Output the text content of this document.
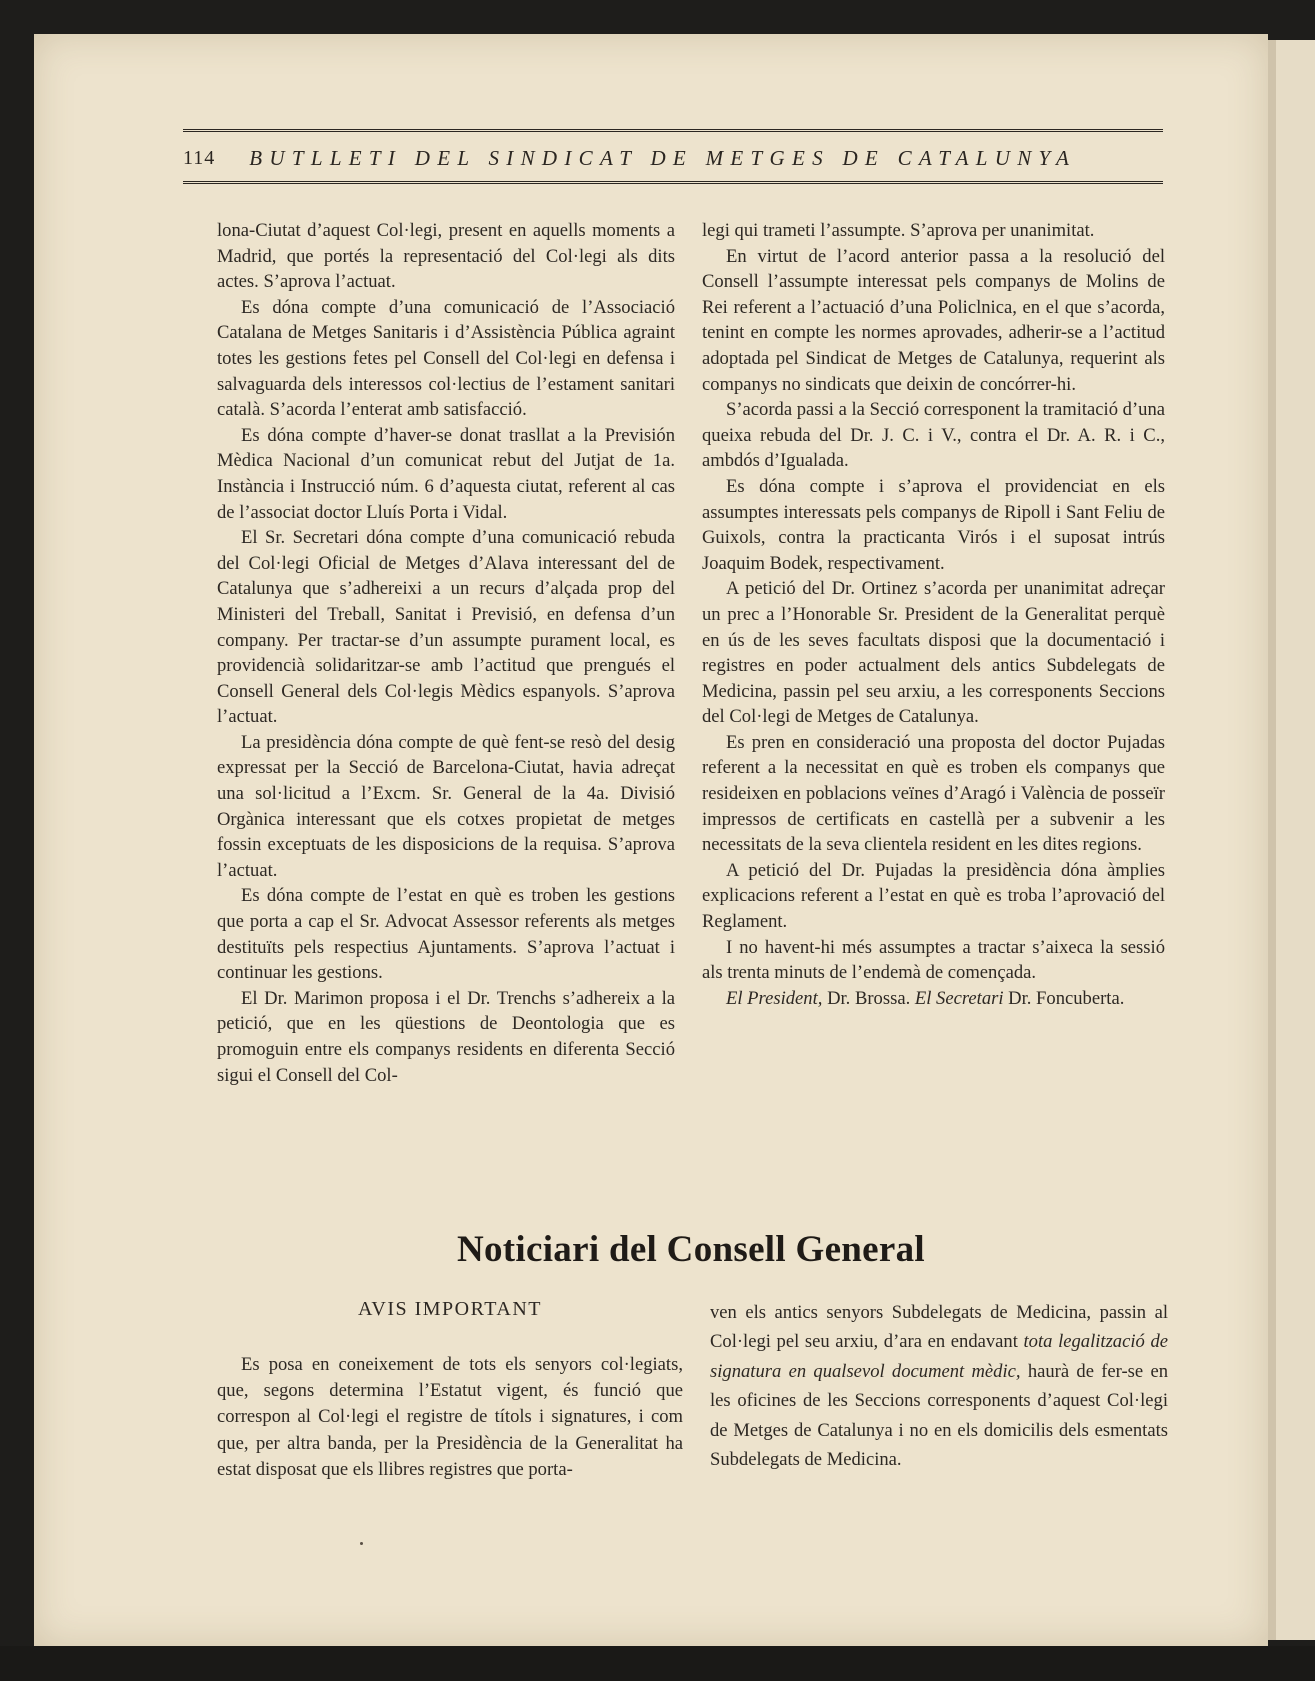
114 BUTLLETI DEL SINDICAT DE METGES DE CATALUNYA

lona-Ciutat d’aquest Col·legi, present en aquells moments a Madrid, que portés la representació del Col·legi als dits actes. S’aprova l’actuat.

Es dóna compte d’una comunicació de l’Associació Catalana de Metges Sanitaris i d’Assistència Pública agraint totes les gestions fetes pel Consell del Col·legi en defensa i salvaguarda dels interessos col·lectius de l’estament sanitari català. S’acorda l’enterat amb satisfacció.

Es dóna compte d’haver-se donat trasllat a la Previsión Mèdica Nacional d’un comunicat rebut del Jutjat de 1a. Instància i Instrucció núm. 6 d’aquesta ciutat, referent al cas de l’associat doctor Lluís Porta i Vidal.

El Sr. Secretari dóna compte d’una comunicació rebuda del Col·legi Oficial de Metges d’Alava interessant del de Catalunya que s’adhereixi a un recurs d’alçada prop del Ministeri del Treball, Sanitat i Previsió, en defensa d’un company. Per tractar-se d’un assumpte purament local, es providencià solidaritzar-se amb l’actitud que prengués el Consell General dels Col·legis Mèdics espanyols. S’aprova l’actuat.

La presidència dóna compte de què fent-se resò del desig expressat per la Secció de Barcelona-Ciutat, havia adreçat una sol·licitud a l’Excm. Sr. General de la 4a. Divisió Orgànica interessant que els cotxes propietat de metges fossin exceptuats de les disposicions de la requisa. S’aprova l’actuat.

Es dóna compte de l’estat en què es troben les gestions que porta a cap el Sr. Advocat Assessor referents als metges destituïts pels respectius Ajuntaments. S’aprova l’actuat i continuar les gestions.

El Dr. Marimon proposa i el Dr. Trenchs s’adhereix a la petició, que en les qüestions de Deontologia que es promoguin entre els companys residents en diferenta Secció sigui el Consell del Col-

legi qui trameti l’assumpte. S’aprova per unanimitat.

En virtut de l’acord anterior passa a la resolució del Consell l’assumpte interessat pels companys de Molins de Rei referent a l’actuació d’una Policlnica, en el que s’acorda, tenint en compte les normes aprovades, adherir-se a l’actitud adoptada pel Sindicat de Metges de Catalunya, requerint als companys no sindicats que deixin de concórrer-hi.

S’acorda passi a la Secció corresponent la tramitació d’una queixa rebuda del Dr. J. C. i V., contra el Dr. A. R. i C., ambdós d’Igualada.

Es dóna compte i s’aprova el providenciat en els assumptes interessats pels companys de Ripoll i Sant Feliu de Guixols, contra la practicanta Virós i el suposat intrús Joaquim Bodek, respectivament.

A petició del Dr. Ortinez s’acorda per unanimitat adreçar un prec a l’Honorable Sr. President de la Generalitat perquè en ús de les seves facultats disposi que la documentació i registres en poder actualment dels antics Subdelegats de Medicina, passin pel seu arxiu, a les corresponents Seccions del Col·legi de Metges de Catalunya.

Es pren en consideració una proposta del doctor Pujadas referent a la necessitat en què es troben els companys que resideixen en poblacions veïnes d’Aragó i València de posseïr impressos de certificats en castellà per a subvenir a les necessitats de la seva clientela resident en les dites regions.

A petició del Dr. Pujadas la presidència dóna àmplies explicacions referent a l’estat en què es troba l’aprovació del Reglament.

I no havent-hi més assumptes a tractar s’aixeca la sessió als trenta minuts de l’endemà de començada.

El President, Dr. Brossa. El Secretari Dr. Foncuberta.

Noticiari del Consell General
AVIS IMPORTANT

Es posa en coneixement de tots els senyors col·legiats, que, segons determina l’Estatut vigent, és funció que correspon al Col·legi el registre de títols i signatures, i com que, per altra banda, per la Presidència de la Generalitat ha estat disposat que els llibres registres que porta-

ven els antics senyors Subdelegats de Medicina, passin al Col·legi pel seu arxiu, d’ara en endavant tota legalització de signatura en qualsevol document mèdic, haurà de fer-se en les oficines de les Seccions corresponents d’aquest Col·legi de Metges de Catalunya i no en els domicilis dels esmentats Subdelegats de Medicina.
